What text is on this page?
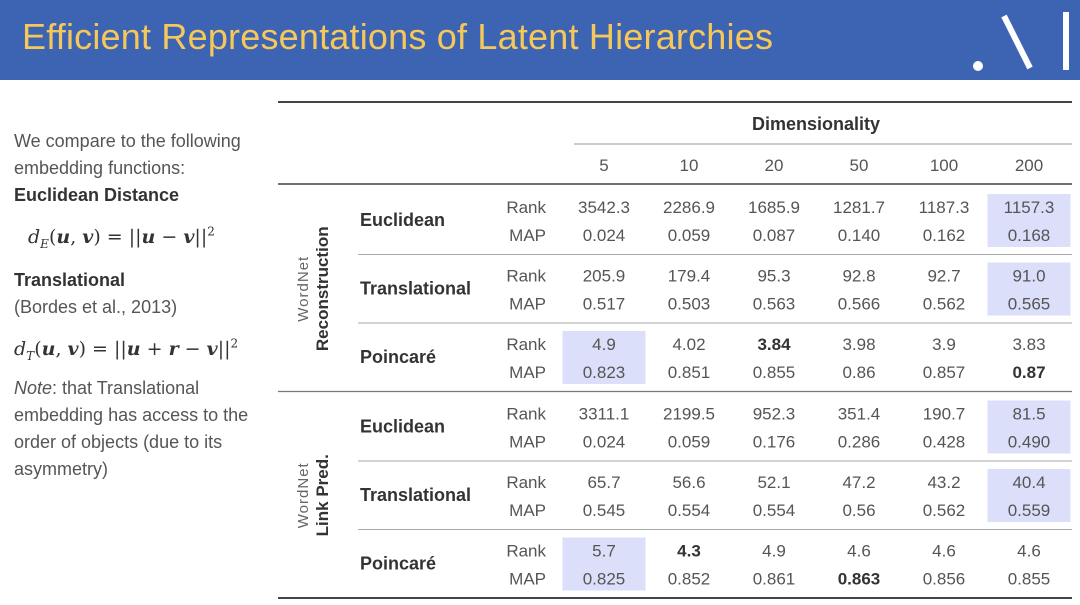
Efficient Representations of Latent Hierarchies
We compare to the following embedding functions:
Euclidean Distance
$d_E(u$, $v) = ||u - v||^2$
Translational
(Bordes et al., 2013)
$d_T(u$, $v) = ||u + r - v||^2$
Note: that Translational embedding has access to the order of objects (due to its asymmetry)
Dimensionality
5	10	20	50	100	200
Euclidean
Rank
MAP
3542.3 2286.9 1685.9 1281.7 1187.3 1157.3
0.024 0.059 0.087 0.140 0.162 0.168
Translational
Rank
MAP
205.9 179.4	95.3	92.8	92.7	91.0
0.517 0.503 0.563 0.566 0.562 0.565
Poincaré
Rank
MAP
4.9	4.02	3.84	3.98	3.9	3.83
0.823 0.851 0.855	0.86	0.857	0.87
WordNet Reconstruction
Euclidean
Rank
MAP
3311.1 2199.5 952.3 351.4 190.7	81.5
0.024 0.059 0.176 0.286 0.428 0.490
Translational
Rank
MAP
65.7	56.6	52.1	47.2	43.2	40.4
0.545 0.554 0.554	0.56	0.562 0.559
Poincaré
Rank
MAP
5.7	4.3	4.9	4.6	4.6	4.6
0.825 0.852 0.861 0.863 0.856 0.855
WordNet Link Pred.
